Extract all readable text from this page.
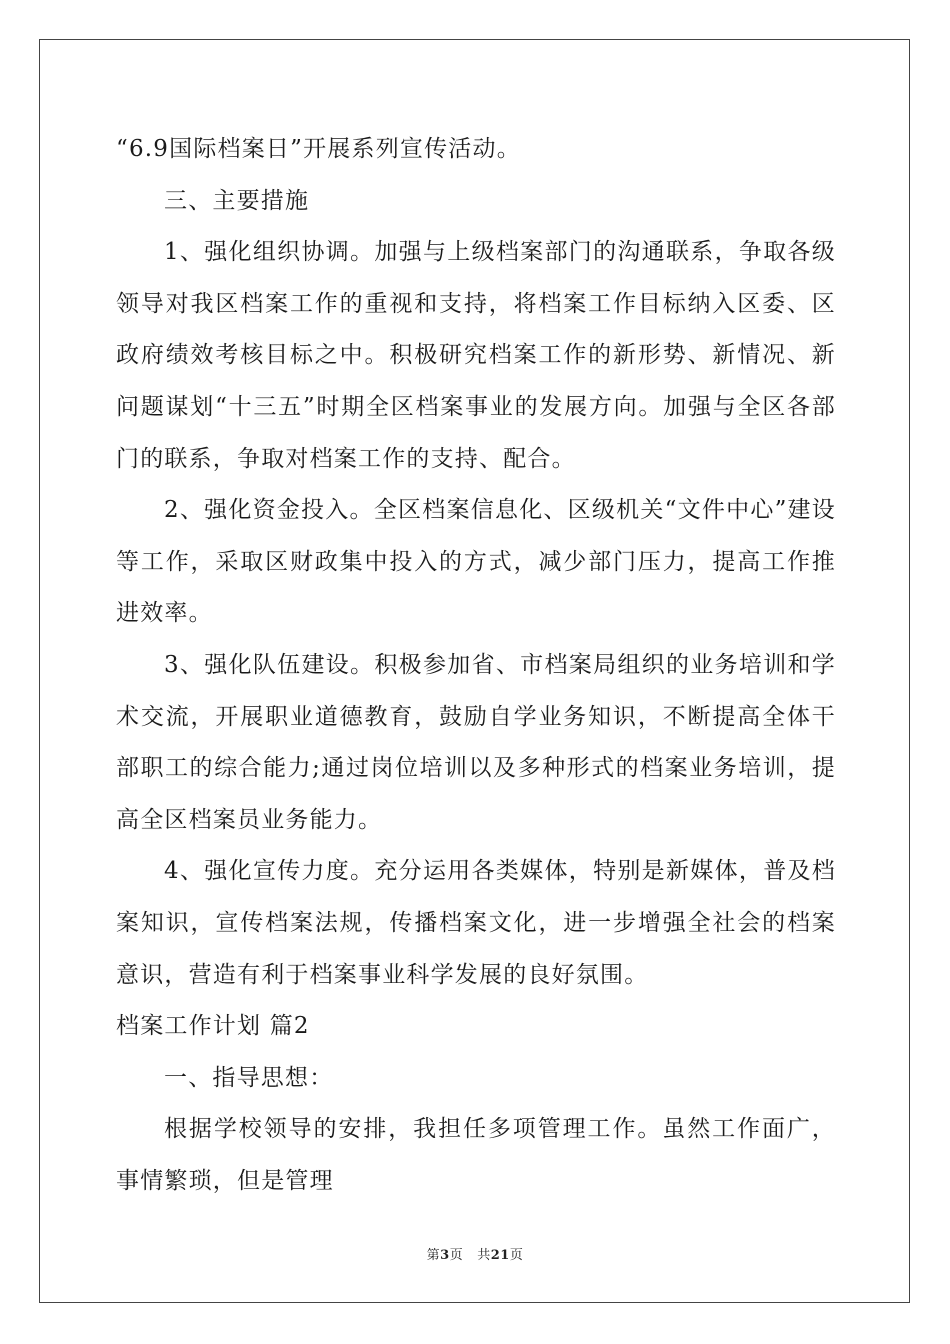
“6.9国际档案日”开展系列宣传活动。

三、主要措施

1、强化组织协调。加强与上级档案部门的沟通联系，争取各级领导对我区档案工作的重视和支持，将档案工作目标纳入区委、区政府绩效考核目标之中。积极研究档案工作的新形势、新情况、新问题谋划“十三五”时期全区档案事业的发展方向。加强与全区各部门的联系，争取对档案工作的支持、配合。

2、强化资金投入。全区档案信息化、区级机关“文件中心”建设等工作，采取区财政集中投入的方式，减少部门压力，提高工作推进效率。

3、强化队伍建设。积极参加省、市档案局组织的业务培训和学术交流，开展职业道德教育，鼓励自学业务知识，不断提高全体干部职工的综合能力;通过岗位培训以及多种形式的档案业务培训，提高全区档案员业务能力。

4、强化宣传力度。充分运用各类媒体，特别是新媒体，普及档案知识，宣传档案法规，传播档案文化，进一步增强全社会的档案意识，营造有利于档案事业科学发展的良好氛围。

档案工作计划 篇2

一、指导思想：

根据学校领导的安排，我担任多项管理工作。虽然工作面广，事情繁琐，但是管理

第3页 共21页
